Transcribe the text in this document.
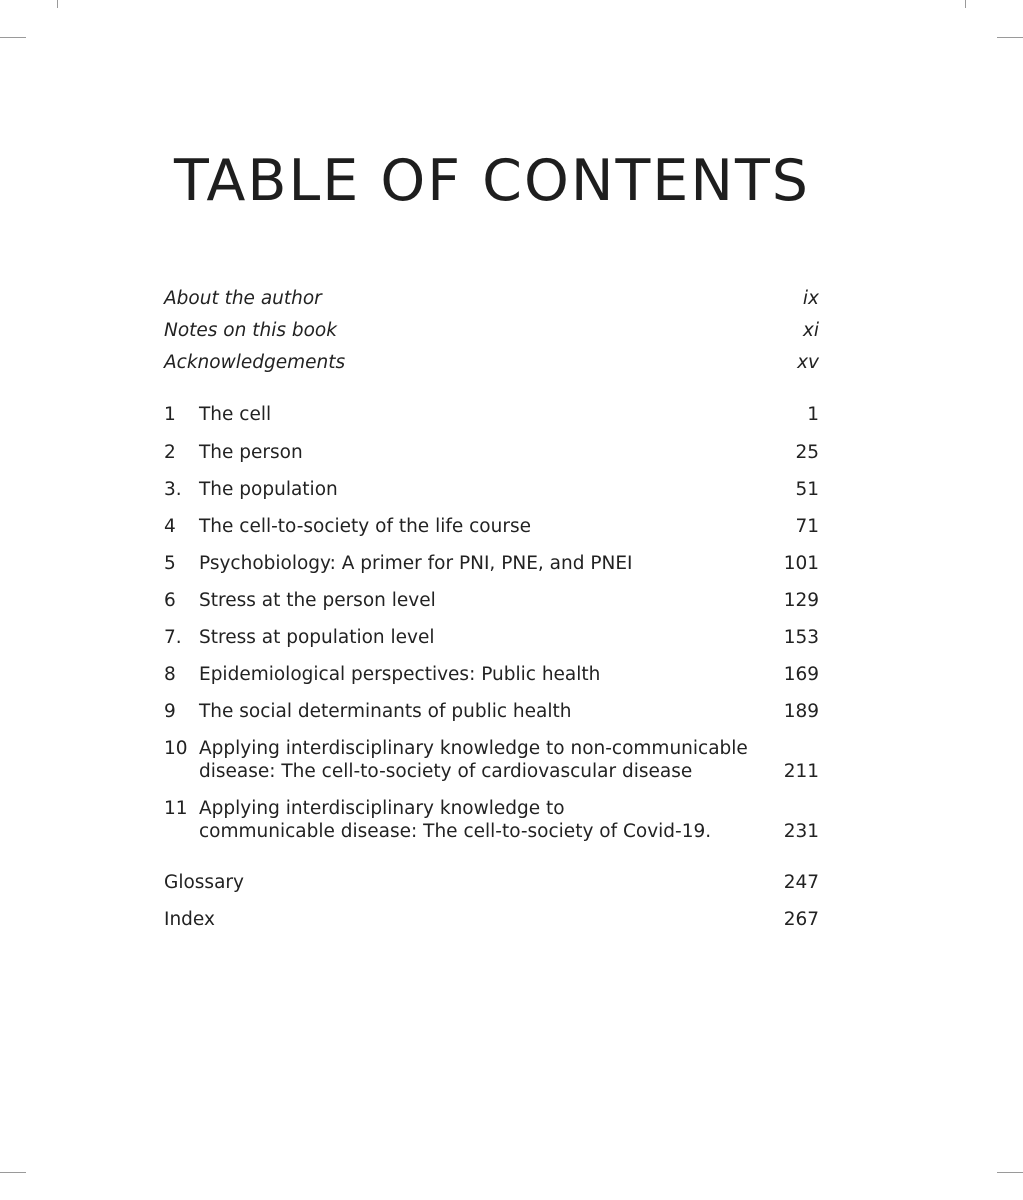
TABLE OF CONTENTS
About the author	ix
Notes on this book	xi
Acknowledgements	xv
1	The cell	1
2	The person	25
3. The population	51
4	The cell-to-society of the life course	71
5	Psychobiology: A primer for PNI, PNE, and PNEI	101
6	Stress at the person level	129
7. Stress at population level	153
8	Epidemiological perspectives: Public health	169
9	The social determinants of public health	189
10 Applying interdisciplinary knowledge to non-communicable
disease: The cell-to-society of cardiovascular disease	211
11 Applying interdisciplinary knowledge to
communicable disease: The cell-to-society of Covid-19.	231
Glossary	247
Index	267
